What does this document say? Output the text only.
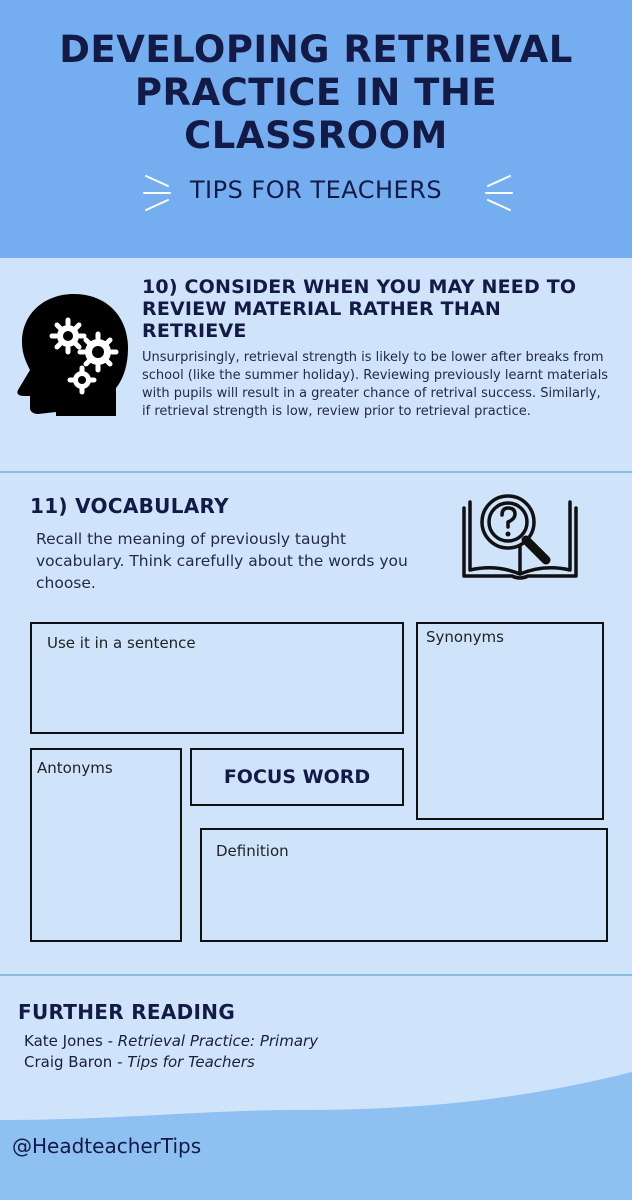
DEVELOPING RETRIEVAL
PRACTICE IN THE
CLASSROOM
TIPS FOR TEACHERS
10) CONSIDER WHEN YOU MAY NEED TO REVIEW MATERIAL RATHER THAN RETRIEVE
Unsurprisingly, retrieval strength is likely to be lower after breaks from school (like the summer holiday). Reviewing previously learnt materials with pupils will result in a greater chance of retrival success. Similarly, if retrieval strength is low, review prior to retrieval practice.
11) VOCABULARY
Recall the meaning of previously taught vocabulary. Think carefully about the words you choose.
Use it in a sentence	Synonyms
Antonyms	FOCUS WORD
Definition
FURTHER READING
Kate Jones - Retrieval Practice: Primary
Craig Baron - Tips for Teachers
@HeadteacherTips
